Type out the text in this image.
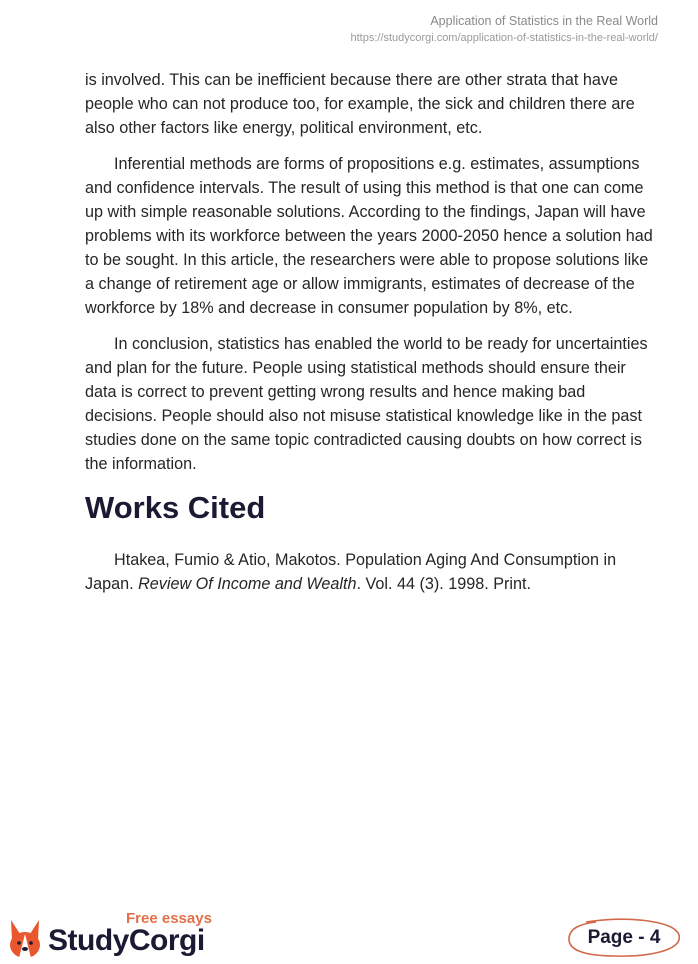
Application of Statistics in the Real World
https://studycorgi.com/application-of-statistics-in-the-real-world/

is involved. This can be inefficient because there are other strata that have people who can not produce too, for example, the sick and children there are also other factors like energy, political environment, etc.

Inferential methods are forms of propositions e.g. estimates, assumptions and confidence intervals. The result of using this method is that one can come up with simple reasonable solutions. According to the findings, Japan will have problems with its workforce between the years 2000-2050 hence a solution had to be sought. In this article, the researchers were able to propose solutions like a change of retirement age or allow immigrants, estimates of decrease of the workforce by 18% and decrease in consumer population by 8%, etc.

In conclusion, statistics has enabled the world to be ready for uncertainties and plan for the future. People using statistical methods should ensure their data is correct to prevent getting wrong results and hence making bad decisions. People should also not misuse statistical knowledge like in the past studies done on the same topic contradicted causing doubts on how correct is the information.

Works Cited

Htakea, Fumio & Atio, Makotos. Population Aging And Consumption in Japan. Review Of Income and Wealth. Vol. 44 (3). 1998. Print.

Free essays
StudyCorgi	Page - 4
